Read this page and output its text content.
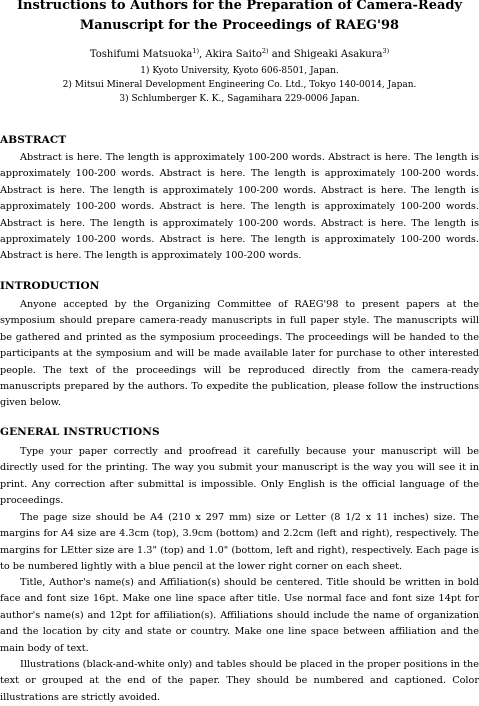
Instructions to Authors for the Preparation of Camera-Ready
Manuscript for the Proceedings of RAEG'98
Toshifumi Matsuoka$^{1)}$, Akira Saito$^{2)}$ and Shigeaki Asakura$^{3)}$
1) Kyoto University, Kyoto 606-8501, Japan.
2) Mitsui Mineral Development Engineering Co. Ltd., Tokyo 140-0014, Japan.
3) Schlumberger K. K., Sagamihara 229-0006 Japan.
ABSTRACT

Abstract is here. The length is approximately 100-200 words. Abstract is here. The length is approximately 100-200 words. Abstract is here. The length is approximately 100-200 words. Abstract is here. The length is approximately 100-200 words. Abstract is here. The length is approximately 100-200 words. Abstract is here. The length is approximately 100-200 words. Abstract is here. The length is approximately 100-200 words. Abstract is here. The length is approximately 100-200 words. Abstract is here. The length is approximately 100-200 words. Abstract is here. The length is approximately 100-200 words.

INTRODUCTION

Anyone accepted by the Organizing Committee of RAEG'98 to present papers at the symposium should prepare camera-ready manuscripts in full paper style. The manuscripts will be gathered and printed as the symposium proceedings. The proceedings will be handed to the participants at the symposium and will be made available later for purchase to other interested people. The text of the proceedings will be reproduced directly from the camera-ready manuscripts prepared by the authors. To expedite the publication, please follow the instructions given below.

GENERAL INSTRUCTIONS

Type your paper correctly and proofread it carefully because your manuscript will be directly used for the printing. The way you submit your manuscript is the way you will see it in print. Any correction after submittal is impossible. Only English is the official language of the proceedings.

The page size should be A4 (210 x 297 mm) size or Letter (8 1/2 x 11 inches) size. The margins for A4 size are 4.3cm (top), 3.9cm (bottom) and 2.2cm (left and right), respectively. The margins for LEtter size are 1.3" (top) and 1.0" (bottom, left and right), respectively. Each page is to be numbered lightly with a blue pencil at the lower right corner on each sheet.

Title, Author's name(s) and Affiliation(s) should be centered. Title should be written in bold face and font size 16pt. Make one line space after title. Use normal face and font size 14pt for author's name(s) and 12pt for affiliation(s). Affiliations should include the name of organization and the location by city and state or country. Make one line space between affiliation and the main body of text.

Illustrations (black-and-white only) and tables should be placed in the proper positions in the text or grouped at the end of the paper. They should be numbered and captioned. Color illustrations are strictly avoided.
